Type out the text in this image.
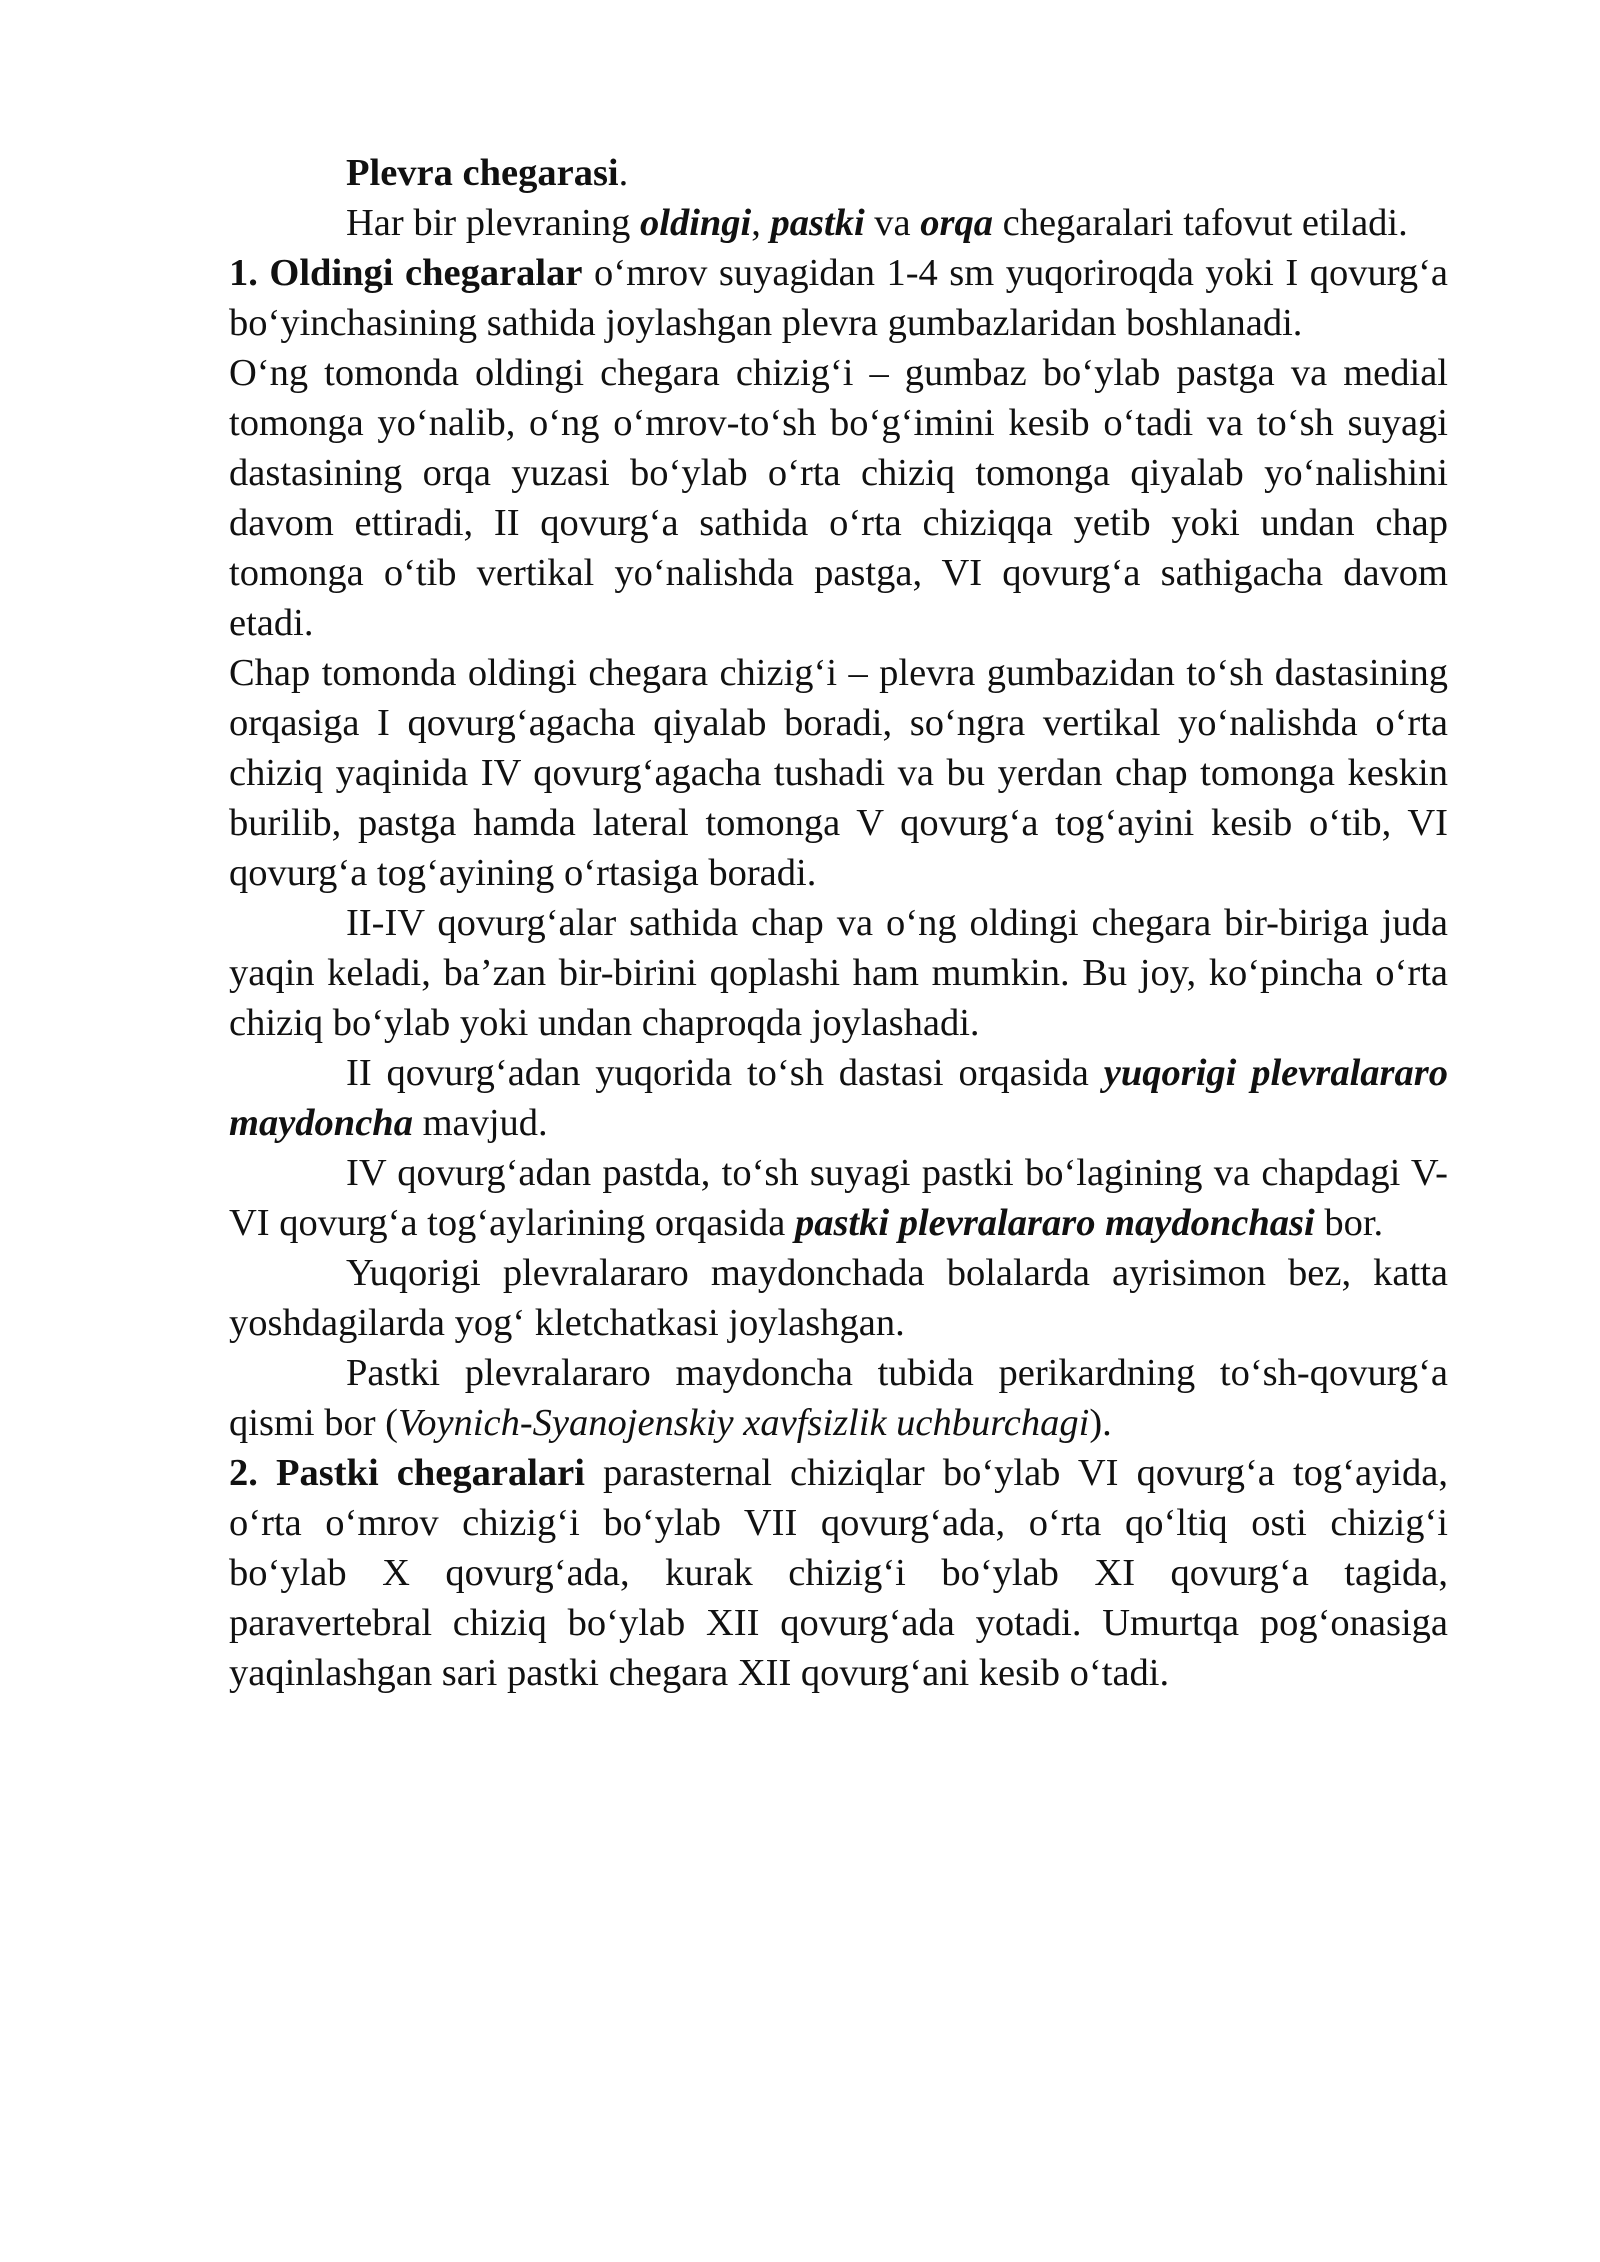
Plevra chegarasi.

Har bir plevraning oldingi, pastki va orqa chegaralari tafovut etiladi.

1. Oldingi chegaralar o‘mrov suyagidan 1-4 sm yuqoriroqda yoki I qovurg‘a bo‘yinchasining sathida joylashgan plevra gumbazlaridan boshlanadi.

O‘ng tomonda oldingi chegara chizig‘i – gumbaz bo‘ylab pastga va medial tomonga yo‘nalib, o‘ng o‘mrov-to‘sh bo‘g‘imini kesib o‘tadi va to‘sh suyagi dastasining orqa yuzasi bo‘ylab o‘rta chiziq tomonga qiyalab yo‘nalishini davom ettiradi, II qovurg‘a sathida o‘rta chiziqqa yetib yoki undan chap tomonga o‘tib vertikal yo‘nalishda pastga, VI qovurg‘a sathigacha davom etadi.

Chap tomonda oldingi chegara chizig‘i – plevra gumbazidan to‘sh dastasining orqasiga I qovurg‘agacha qiyalab boradi, so‘ngra vertikal yo‘nalishda o‘rta chiziq yaqinida IV qovurg‘agacha tushadi va bu yerdan chap tomonga keskin burilib, pastga hamda lateral tomonga V qovurg‘a tog‘ayini kesib o‘tib, VI qovurg‘a tog‘ayining o‘rtasiga boradi.

II-IV qovurg‘alar sathida chap va o‘ng oldingi chegara bir-biriga juda yaqin keladi, ba’zan bir-birini qoplashi ham mumkin. Bu joy, ko‘pincha o‘rta chiziq bo‘ylab yoki undan chaproqda joylashadi.

II qovurg‘adan yuqorida to‘sh dastasi orqasida yuqorigi plevralararo maydoncha mavjud.

IV qovurg‘adan pastda, to‘sh suyagi pastki bo‘lagining va chapdagi V-VI qovurg‘a tog‘aylarining orqasida pastki plevralararo maydonchasi bor.

Yuqorigi plevralararo maydonchada bolalarda ayrisimon bez, katta yoshdagilarda yog‘ kletchatkasi joylashgan.

Pastki plevralararo maydoncha tubida perikardning to‘sh-qovurg‘a qismi bor (Voynich-Syanojenskiy xavfsizlik uchburchagi).

2. Pastki chegaralari parasternal chiziqlar bo‘ylab VI qovurg‘a tog‘ayida, o‘rta o‘mrov chizig‘i bo‘ylab VII qovurg‘ada, o‘rta qo‘ltiq osti chizig‘i bo‘ylab X qovurg‘ada, kurak chizig‘i bo‘ylab XI qovurg‘a tagida, paravertebral chiziq bo‘ylab XII qovurg‘ada yotadi. Umurtqa pog‘onasiga yaqinlashgan sari pastki chegara XII qovurg‘ani kesib o‘tadi.
